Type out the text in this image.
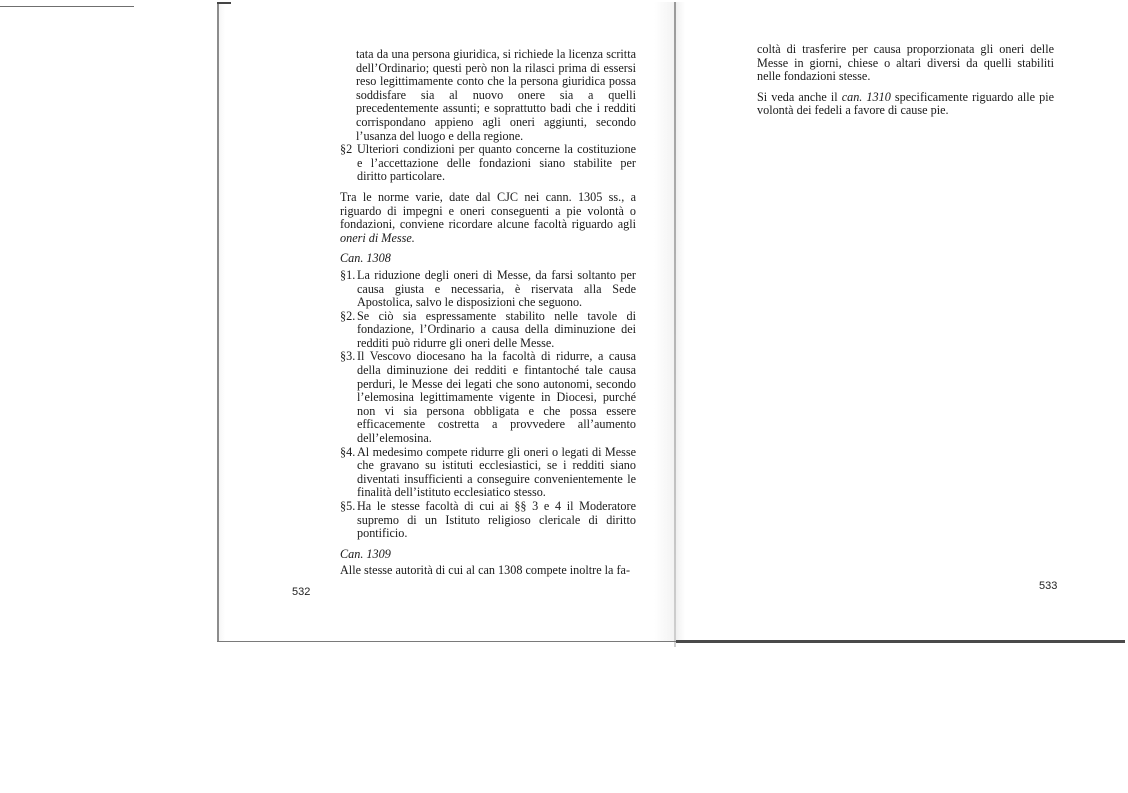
tata da una persona giuridica, si richiede la licenza scritta dell’Ordinario; questi però non la rilasci prima di essersi reso legittimamente conto che la persona giuridica possa soddisfare sia al nuovo onere sia a quelli precedentemente assunti; e soprattutto badi che i redditi corrispondano appieno agli oneri aggiunti, secondo l’usanza del luogo e della regione.

§2 Ulteriori condizioni per quanto concerne la costituzione e l’accettazione delle fondazioni siano stabilite per diritto particolare.

Tra le norme varie, date dal CJC nei cann. 1305 ss., a riguardo di impegni e oneri conseguenti a pie volontà o fondazioni, conviene ricordare alcune facoltà riguardo agli oneri di Messe.

Can. 1308

§1. La riduzione degli oneri di Messe, da farsi soltanto per causa giusta e necessaria, è riservata alla Sede Apostolica, salvo le disposizioni che seguono.
§2. Se ciò sia espressamente stabilito nelle tavole di fondazione, l’Ordinario a causa della diminuzione dei redditi può ridurre gli oneri delle Messe.
§3. Il Vescovo diocesano ha la facoltà di ridurre, a causa della diminuzione dei redditi e fintantoché tale causa perduri, le Messe dei legati che sono autonomi, secondo l’elemosina legittimamente vigente in Diocesi, purché non vi sia persona obbligata e che possa essere efficacemente costretta a provvedere all’aumento dell’elemosina.
§4. Al medesimo compete ridurre gli oneri o legati di Messe che gravano su istituti ecclesiastici, se i redditi siano diventati insufficienti a conseguire convenientemente le finalità dell’istituto ecclesiatico stesso.
§5. Ha le stesse facoltà di cui ai §§ 3 e 4 il Moderatore supremo di un Istituto religioso clericale di diritto pontificio.

Can. 1309

Alle stesse autorità di cui al can 1308 compete inoltre la fa-

532

coltà di trasferire per causa proporzionata gli oneri delle Messe in giorni, chiese o altari diversi da quelli stabiliti nelle fondazioni stesse.

Si veda anche il can. 1310 specificamente riguardo alle pie volontà dei fedeli a favore di cause pie.

533
